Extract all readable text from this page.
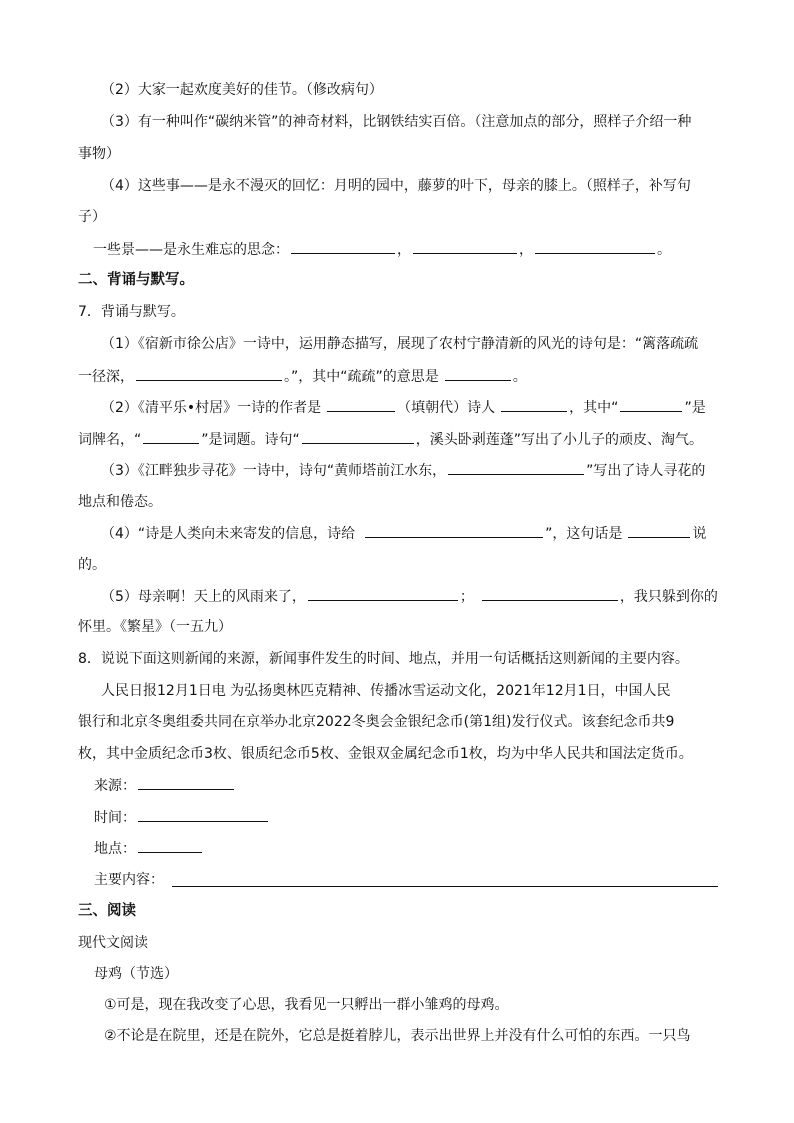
（2）大家一起欢度美好的佳节。（修改病句）
（3）有一种叫作“碳纳米管”的神奇材料，比钢铁结实百倍。（注意加点的部分，照样子介绍一种
事物）
（4）这些事——是永不漫灭的回忆：月明的园中，藤萝的叶下，母亲的膝上。（照样子，补写句
子）
一些景——是永生难忘的思念：	，	，	。
二、背诵与默写。
7．背诵与默写。
（1）《宿新市徐公店》一诗中，运用静态描写，展现了农村宁静清新的风光的诗句是：“篱落疏疏
一径深，	。”，其中“疏疏”的意思是	。
（2）《清平乐•村居》一诗的作者是	（填朝代）诗人	，其中“	”是
词牌名，“	”是词题。诗句“	，溪头卧剥莲蓬”写出了小儿子的顽皮、淘气。
（3）《江畔独步寻花》一诗中，诗句“黄师塔前江水东，	”写出了诗人寻花的
地点和倦态。
（4）“诗是人类向未来寄发的信息，诗给	”，这句话是	说
的。
（5）母亲啊！天上的风雨来了，	；	，我只躲到你的
怀里。《繁星》（一五九）
8．说说下面这则新闻的来源，新闻事件发生的时间、地点，并用一句话概括这则新闻的主要内容。
人民日报12月1日电 为弘扬奥林匹克精神、传播冰雪运动文化，2021年12月1日，中国人民
银行和北京冬奥组委共同在京举办北京2022冬奥会金银纪念币(第1组)发行仪式。该套纪念币共9
枚，其中金质纪念币3枚、银质纪念币5枚、金银双金属纪念币1枚，均为中华人民共和国法定货币。
来源：
时间：
地点：
主要内容：
三、阅读
现代文阅读
母鸡（节选）
①可是，现在我改变了心思，我看见一只孵出一群小雏鸡的母鸡。
②不论是在院里，还是在院外，它总是挺着脖儿，表示出世界上并没有什么可怕的东西。一只鸟
